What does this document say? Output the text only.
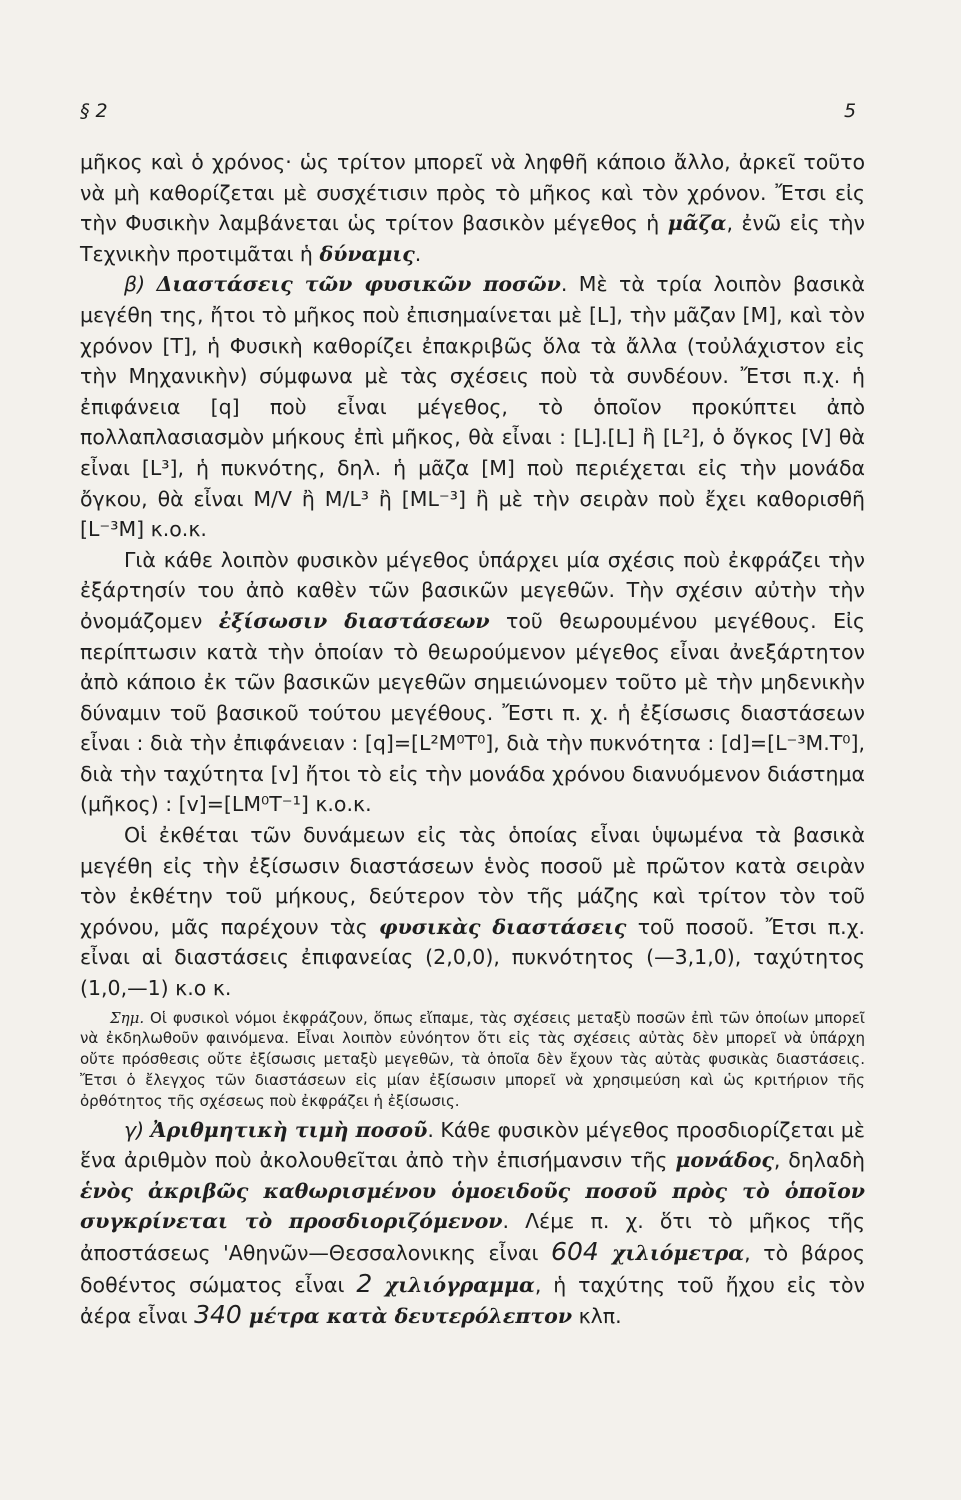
§ 2	5

μῆκος καὶ ὁ χρόνος· ὡς τρίτον μπορεῖ νὰ ληφθῆ κάποιο ἄλλο, ἀρκεῖ τοῦτο νὰ μὴ καθορίζεται μὲ συσχέτισιν πρὸς τὸ μῆκος καὶ τὸν χρόνον. Ἔτσι εἰς τὴν Φυσικὴν λαμβάνεται ὡς τρίτον βασικὸν μέγεθος ἡ μᾶζα, ἐνῶ εἰς τὴν Τεχνικὴν προτιμᾶται ἡ δύναμις.

β) Διαστάσεις τῶν φυσικῶν ποσῶν. Μὲ τὰ τρία λοιπὸν βασικὰ μεγέθη της, ἤτοι τὸ μῆκος ποὺ ἐπισημαίνεται μὲ [L], τὴν μᾶζαν [M], καὶ τὸν χρόνον [T], ἡ Φυσικὴ καθορίζει ἐπακριβῶς ὅλα τὰ ἄλλα (τοὐλάχιστον εἰς τὴν Μηχανικὴν) σύμφωνα μὲ τὰς σχέσεις ποὺ τὰ συνδέουν. Ἔτσι π.χ. ἡ ἐπιφάνεια [q] ποὺ εἶναι μέγεθος, τὸ ὁποῖον προκύπτει ἀπὸ πολλαπλασιασμὸν μήκους ἐπὶ μῆκος, θὰ εἶναι : [L].[L] ἢ [L²], ὁ ὄγκος [V] θὰ εἶναι [L³], ἡ πυκνότης, δηλ. ἡ μᾶζα [M] ποὺ περιέχεται εἰς τὴν μονάδα ὄγκου, θὰ εἶναι M/V ἢ M/L³ ἢ [ML⁻³] ἢ μὲ τὴν σειρὰν ποὺ ἔχει καθορισθῆ [L⁻³M] κ.ο.κ.

Γιὰ κάθε λοιπὸν φυσικὸν μέγεθος ὑπάρχει μία σχέσις ποὺ ἐκφράζει τὴν ἐξάρτησίν του ἀπὸ καθὲν τῶν βασικῶν μεγεθῶν. Τὴν σχέσιν αὐτὴν τὴν ὀνομάζομεν ἐξίσωσιν διαστάσεων τοῦ θεωρουμένου μεγέθους. Εἰς περίπτωσιν κατὰ τὴν ὁποίαν τὸ θεωρούμενον μέγεθος εἶναι ἀνεξάρτητον ἀπὸ κάποιο ἐκ τῶν βασικῶν μεγεθῶν σημειώνομεν τοῦτο μὲ τὴν μηδενικὴν δύναμιν τοῦ βασικοῦ τούτου μεγέθους. Ἔστι π. χ. ἡ ἐξίσωσις διαστάσεων εἶναι : διὰ τὴν ἐπιφάνειαν : [q]=[L²M⁰T⁰], διὰ τὴν πυκνότητα : [d]=[L⁻³M.T⁰], διὰ τὴν ταχύτητα [v] ἤτοι τὸ εἰς τὴν μονάδα χρόνου διανυόμενον διάστημα (μῆκος) : [v]=[LM⁰T⁻¹] κ.ο.κ.

Οἱ ἐκθέται τῶν δυνάμεων εἰς τὰς ὁποίας εἶναι ὑψωμένα τὰ βασικὰ μεγέθη εἰς τὴν ἐξίσωσιν διαστάσεων ἑνὸς ποσοῦ μὲ πρῶτον κατὰ σειρὰν τὸν ἐκθέτην τοῦ μήκους, δεύτερον τὸν τῆς μάζης καὶ τρίτον τὸν τοῦ χρόνου, μᾶς παρέχουν τὰς φυσικὰς διαστάσεις τοῦ ποσοῦ. Ἔτσι π.χ. εἶναι αἱ διαστάσεις ἐπιφανείας (2,0,0), πυκνότητος (—3,1,0), ταχύτητος (1,0,—1) κ.ο κ.

Σημ. Οἱ φυσικοὶ νόμοι ἐκφράζουν, ὅπως εἴπαμε, τὰς σχέσεις μεταξὺ ποσῶν ἐπὶ τῶν ὁποίων μπορεῖ νὰ ἐκδηλωθοῦν φαινόμενα. Εἶναι λοιπὸν εὐνόητον ὅτι εἰς τὰς σχέσεις αὐτὰς δὲν μπορεῖ νὰ ὑπάρχη οὔτε πρόσθεσις οὔτε ἐξίσωσις μεταξὺ μεγεθῶν, τὰ ὁποῖα δὲν ἔχουν τὰς αὐτὰς φυσικὰς διαστάσεις. Ἔτσι ὁ ἔλεγχος τῶν διαστάσεων εἰς μίαν ἐξίσωσιν μπορεῖ νὰ χρησιμεύση καὶ ὡς κριτήριον τῆς ὀρθότητος τῆς σχέσεως ποὺ ἐκφράζει ἡ ἐξίσωσις.

γ) Ἀριθμητικὴ τιμὴ ποσοῦ. Κάθε φυσικὸν μέγεθος προσδιορίζεται μὲ ἕνα ἀριθμὸν ποὺ ἀκολουθεῖται ἀπὸ τὴν ἐπισήμανσιν τῆς μονάδος, δηλαδὴ ἑνὸς ἀκριβῶς καθωρισμένου ὁμοειδοῦς ποσοῦ πρὸς τὸ ὁποῖον συγκρίνεται τὸ προσδιοριζόμενον. Λέμε π. χ. ὅτι τὸ μῆκος τῆς ἀποστάσεως 'Αθηνῶν—Θεσσαλονικης εἶναι 604 χιλιόμετρα, τὸ βάρος δοθέντος σώματος εἶναι 2 χιλιόγραμμα, ἡ ταχύτης τοῦ ἤχου εἰς τὸν ἀέρα εἶναι 340 μέτρα κατὰ δευτερόλεπτον κλπ.
